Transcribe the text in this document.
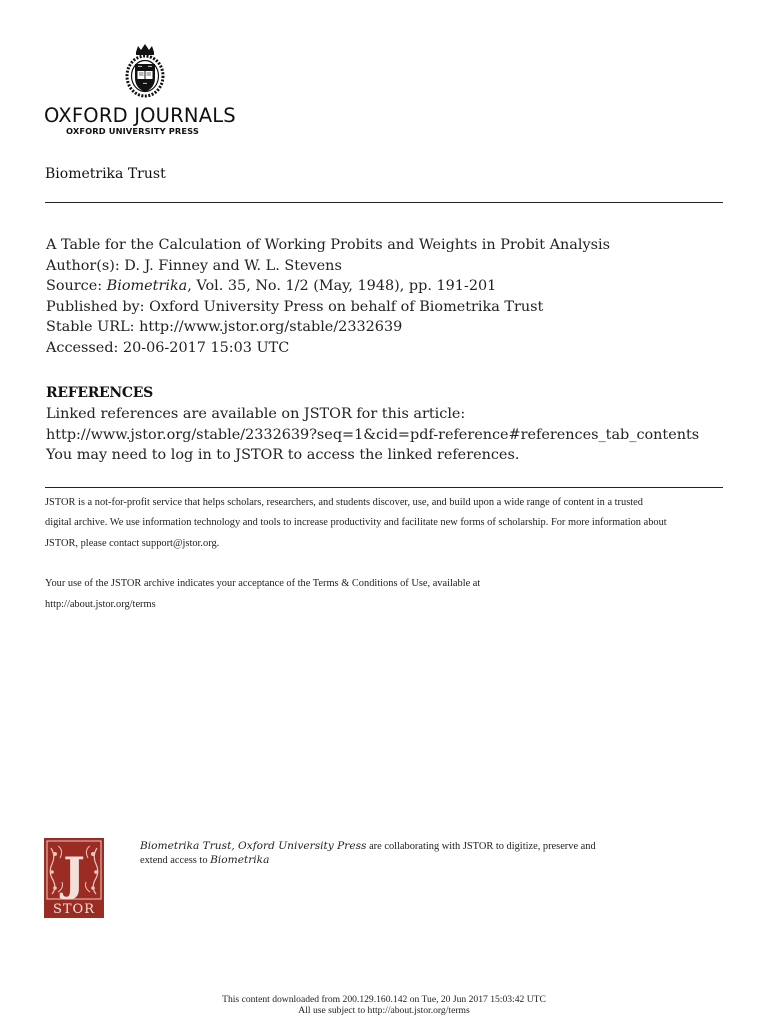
OXFORD JOURNALS
OXFORD UNIVERSITY PRESS
Biometrika Trust
A Table for the Calculation of Working Probits and Weights in Probit Analysis
Author(s): D. J. Finney and W. L. Stevens
Source: Biometrika, Vol. 35, No. 1/2 (May, 1948), pp. 191-201
Published by: Oxford University Press on behalf of Biometrika Trust
Stable URL: http://www.jstor.org/stable/2332639
Accessed: 20-06-2017 15:03 UTC
REFERENCES
Linked references are available on JSTOR for this article:
http://www.jstor.org/stable/2332639?seq=1&cid=pdf-reference#references_tab_contents
You may need to log in to JSTOR to access the linked references.
JSTOR is a not-for-profit service that helps scholars, researchers, and students discover, use, and build upon a wide range of content in a trusted
digital archive. We use information technology and tools to increase productivity and facilitate new forms of scholarship. For more information about
JSTOR, please contact support@jstor.org.
Your use of the JSTOR archive indicates your acceptance of the Terms & Conditions of Use, available at
http://about.jstor.org/terms
J
STOR
Biometrika Trust, Oxford University Press are collaborating with JSTOR to digitize, preserve and
extend access to Biometrika
This content downloaded from 200.129.160.142 on Tue, 20 Jun 2017 15:03:42 UTC
All use subject to http://about.jstor.org/terms
